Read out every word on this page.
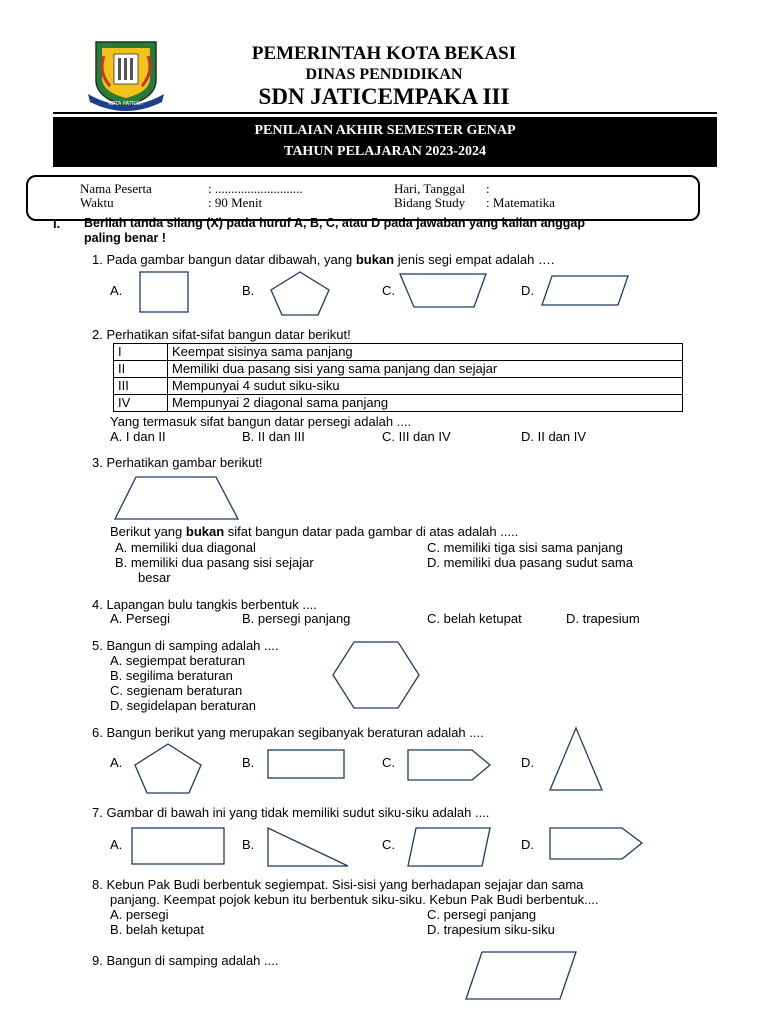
KOTA PATRIOT
PEMERINTAH KOTA BEKASI
DINAS PENDIDIKAN
SDN JATICEMPAKA III
PENILAIAN AKHIR SEMESTER GENAP
TAHUN PELAJARAN 2023-2024
Nama Peserta	: ...........................	Hari, Tanggal :
Waktu	: 90 Menit	Bidang Study : Matematika
I. Berilah tanda silang (X) pada huruf A, B, C, atau D pada jawaban yang kalian anggap
paling benar !
1. Pada gambar bangun datar dibawah, yang bukan jenis segi empat adalah ….
A.	B.	C.	D.
2. Perhatikan sifat-sifat bangun datar berikut!
I	Keempat sisinya sama panjang
II	Memiliki dua pasang sisi yang sama panjang dan sejajar
III	Mempunyai 4 sudut siku-siku
IV	Mempunyai 2 diagonal sama panjang
Yang termasuk sifat bangun datar persegi adalah ....
A. I dan II	B. II dan III	C. III dan IV	D. II dan IV
3. Perhatikan gambar berikut!
Berikut yang bukan sifat bangun datar pada gambar di atas adalah .....
A. memiliki dua diagonal
B. memiliki dua pasang sisi sejajar
C. memiliki tiga sisi sama panjang
D. memiliki dua pasang sudut sama
besar
4. Lapangan bulu tangkis berbentuk ....
A. Persegi	B. persegi panjang	C. belah ketupat	D. trapesium
5. Bangun di samping adalah ....
A. segiempat beraturan
B. segilima beraturan
C. segienam beraturan
D. segidelapan beraturan
6. Bangun berikut yang merupakan segibanyak beraturan adalah ....
A.	B.	C.	D.
7. Gambar di bawah ini yang tidak memiliki sudut siku-siku adalah ....
A.	B.	C.	D.
8. Kebun Pak Budi berbentuk segiempat. Sisi-sisi yang berhadapan sejajar dan sama
panjang. Keempat pojok kebun itu berbentuk siku-siku. Kebun Pak Budi berbentuk....
A. persegi
B. belah ketupat
C. persegi panjang
D. trapesium siku-siku
9. Bangun di samping adalah ....
